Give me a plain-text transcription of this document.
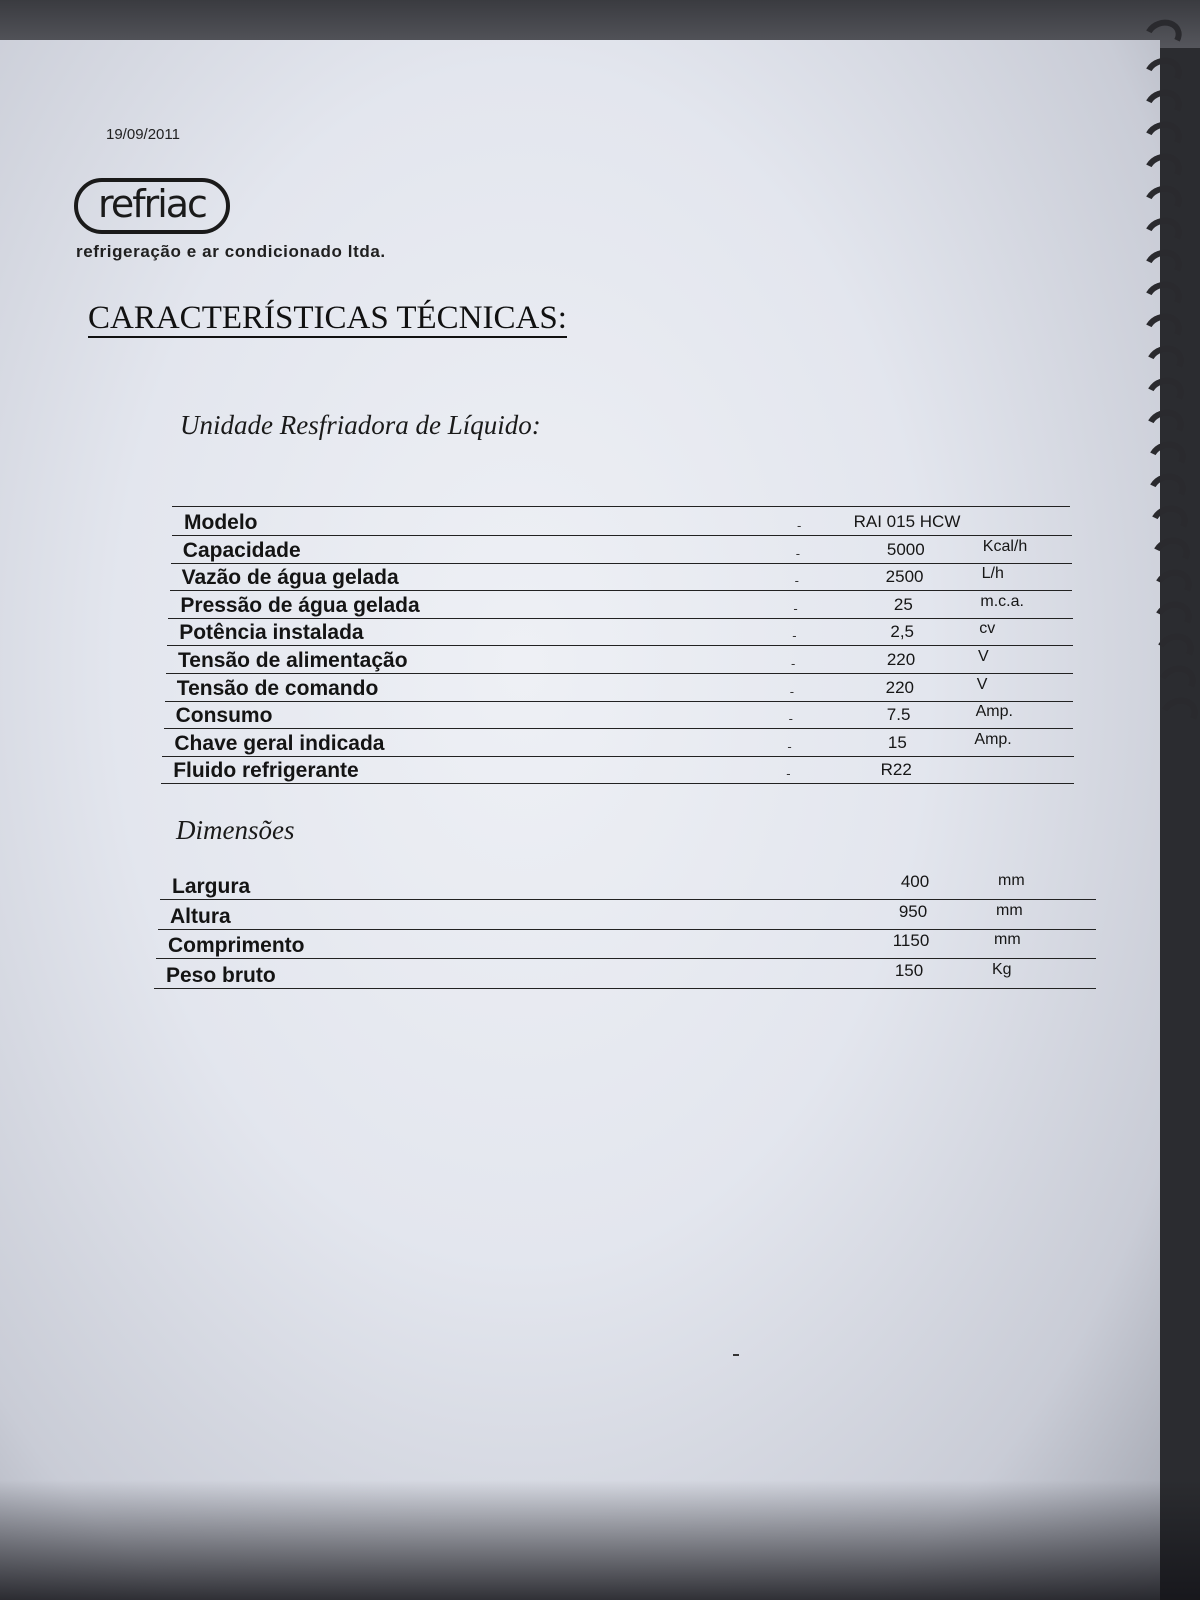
19/09/2011
refriac
refrigeração e ar condicionado ltda.
CARACTERÍSTICAS TÉCNICAS:
Unidade Resfriadora de Líquido:
Modelo	-	RAI 015 HCW
Capacidade	-	5000	Kcal/h
Vazão de água gelada	-	2500	L/h
Pressão de água gelada	-	25	m.c.a.
Potência instalada	-	2,5	cv
Tensão de alimentação	-	220	V
Tensão de comando	-	220	V
Consumo	-	7.5	Amp.
Chave geral indicada	-	15	Amp.
Fluido refrigerante	-	R22
Dimensões
Largura	400	mm
Altura	950	mm
Comprimento	1150	mm
Peso bruto	150	Kg
